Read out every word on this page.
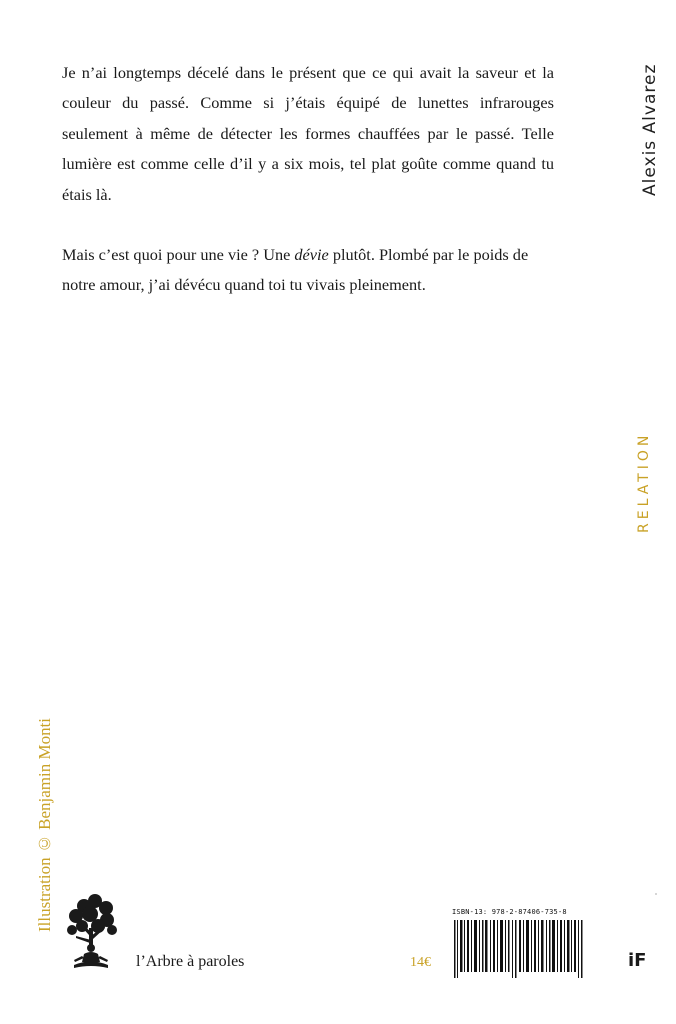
Je n’ai longtemps décelé dans le présent que ce qui avait la saveur et la couleur du passé. Comme si j’étais équipé de lunettes infrarouges seulement à même de détecter les formes chauffées par le passé. Telle lumière est comme celle d’il y a six mois, tel plat goûte comme quand tu étais là.

Mais c’est quoi pour une vie ? Une dévie plutôt. Plombé par le poids de notre amour, j’ai dévécu quand toi tu vivais pleinement.

Alexis Alvarez
RELATION
Illustration © Benjamin Monti
l’Arbre à paroles	14€
ISBN-13: 978-2-87406-735-8
iF
